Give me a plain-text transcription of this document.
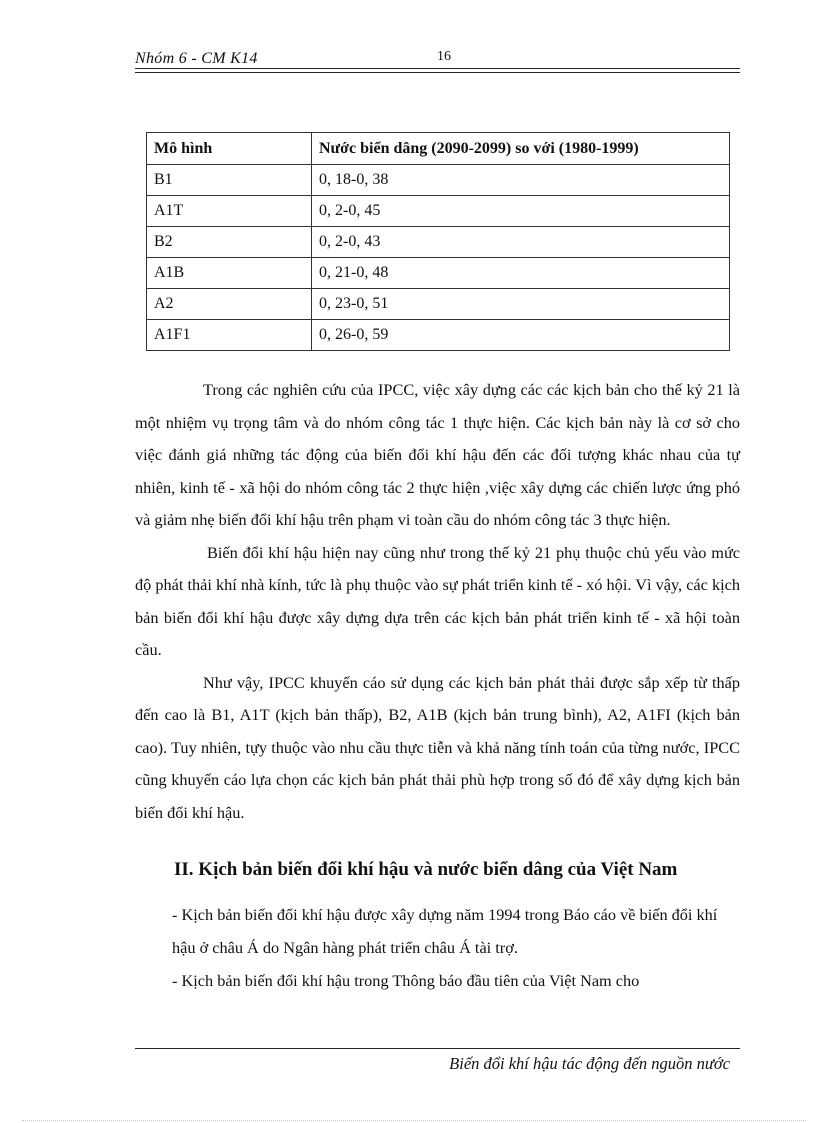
Nhóm 6 - CM K14	16
Mô hình	Nước biển dâng (2090-2099) so với (1980-1999)
B1	0, 18-0, 38
A1T	0, 2-0, 45
B2	0, 2-0, 43
A1B	0, 21-0, 48
A2	0, 23-0, 51
A1F1	0, 26-0, 59

Trong các nghiên cứu của IPCC, việc xây dựng các các kịch bản cho thế kỷ 21 là một nhiệm vụ trọng tâm và do nhóm công tác 1 thực hiện. Các kịch bản này là cơ sở cho việc đánh giá những tác động của biến đổi khí hậu đến các đối tượng khác nhau của tự nhiên, kinh tế - xã hội do nhóm công tác 2 thực hiện ,việc xây dựng các chiến lược ứng phó và giảm nhẹ biến đổi khí hậu trên phạm vi toàn cầu do nhóm công tác 3 thực hiện.

Biến đổi khí hậu hiện nay cũng như trong thế kỷ 21 phụ thuộc chủ yếu vào mức độ phát thải khí nhà kính, tức là phụ thuộc vào sự phát triển kinh tế - xó hội. Vì vậy, các kịch bản biến đổi khí hậu được xây dựng dựa trên các kịch bản phát triển kinh tế - xã hội toàn cầu.

Như vậy, IPCC khuyến cáo sử dụng các kịch bản phát thải được sắp xếp từ thấp đến cao là B1, A1T (kịch bản thấp), B2, A1B (kịch bản trung bình), A2, A1FI (kịch bản cao). Tuy nhiên, tựy thuộc vào nhu cầu thực tiễn và khả năng tính toán của từng nước, IPCC cũng khuyến cáo lựa chọn các kịch bản phát thải phù hợp trong số đó để xây dựng kịch bản biến đổi khí hậu.

II. Kịch bản biến đổi khí hậu và nước biển dâng của Việt Nam

- Kịch bản biến đổi khí hậu được xây dựng năm 1994 trong Báo cáo về biến đổi khí hậu ở châu Á do Ngân hàng phát triển châu Á tài trợ.

- Kịch bản biến đổi khí hậu trong Thông báo đầu tiên của Việt Nam cho

Biến đổi khí hậu tác động đến nguồn nước
